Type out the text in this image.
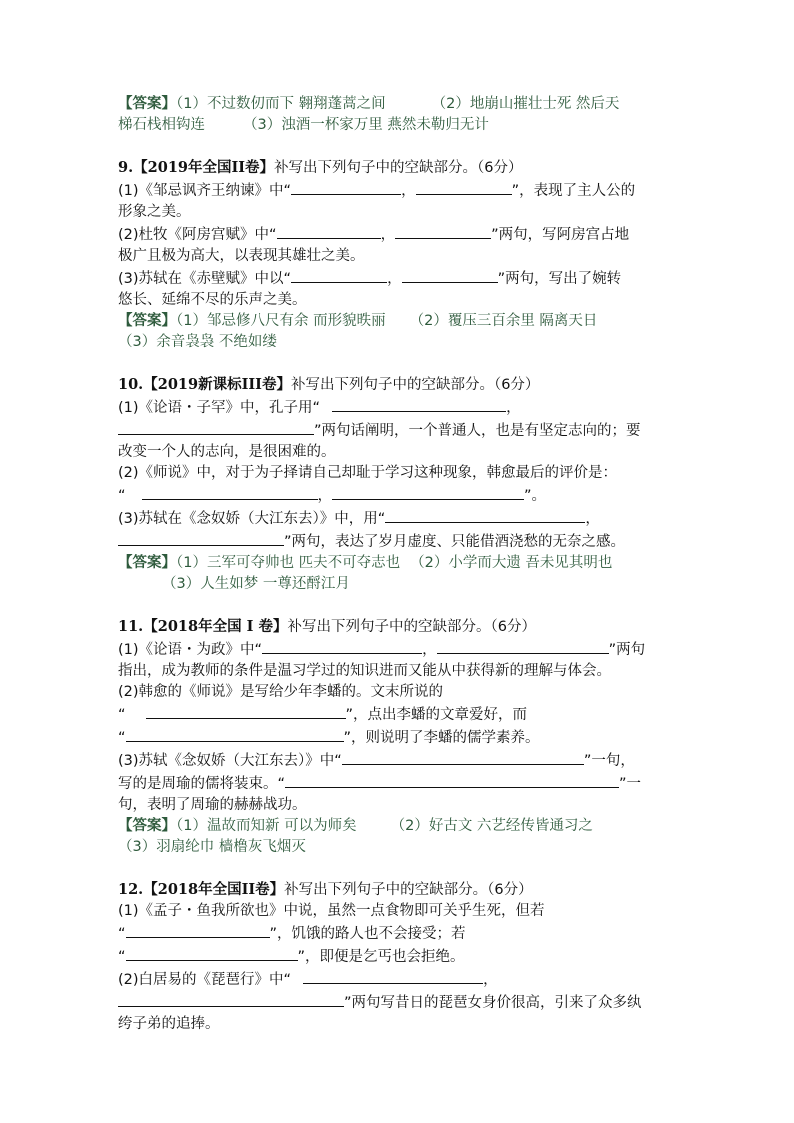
【答案】（1）不过数仞而下 翱翔蓬蒿之间	（2）地崩山摧壮士死 然后天
梯石栈相钩连	（3）浊酒一杯家万里 燕然未勒归无计
9.【2019年全国II卷】补写出下列句子中的空缺部分。（6分）
(1)《邹忌讽齐王纳谏》中“	，	”，表现了主人公的
形象之美。
(2)杜牧《阿房宫赋》中“	，	”两句，写阿房宫占地
极广且极为高大，以表现其雄壮之美。
(3)苏轼在《赤壁赋》中以“	，	”两句，写出了婉转
悠长、延绵不尽的乐声之美。
【答案】（1）邹忌修八尺有余 而形貌昳丽 （2）覆压三百余里 隔离天日
（3）余音袅袅 不绝如缕
10.【2019新课标III卷】补写出下列句子中的空缺部分。（6分）
(1)《论语・子罕》中，孔子用“	，
”两句话阐明，一个普通人，也是有坚定志向的；要
改变一个人的志向，是很困难的。
(2)《师说》中，对于为子择请自己却耻于学习这种现象，韩愈最后的评价是：
“	，	”。
(3)苏轼在《念奴娇（大江东去）》中，用“	，
”两句，表达了岁月虚度、只能借酒浇愁的无奈之感。
【答案】（1）三军可夺帅也 匹夫不可夺志也 （2）小学而大遗 吾未见其明也
（3）人生如梦 一尊还酹江月
11.【2018年全国 I 卷】补写出下列句子中的空缺部分。（6分）
(1)《论语・为政》中“	，	”两句
指出，成为教师的条件是温习学过的知识进而又能从中获得新的理解与体会。
(2)韩愈的《师说》是写给少年李蟠的。文末所说的
“	”，点出李蟠的文章爱好，而
“	”，则说明了李蟠的儒学素养。
(3)苏轼《念奴娇（大江东去）》中“	”一句，
写的是周瑜的儒将装束。“	”一
句，表明了周瑜的赫赫战功。
【答案】（1）温故而知新 可以为师矣 （2）好古文 六艺经传皆通习之
（3）羽扇纶巾 樯橹灰飞烟灭
12.【2018年全国II卷】补写出下列句子中的空缺部分。（6分）
(1)《孟子・鱼我所欲也》中说，虽然一点食物即可关乎生死，但若
“	”，饥饿的路人也不会接受；若
“	”，即便是乞丐也会拒绝。
(2)白居易的《琵琶行》中“	，
”两句写昔日的琵琶女身价很高，引来了众多纨
绔子弟的追捧。
